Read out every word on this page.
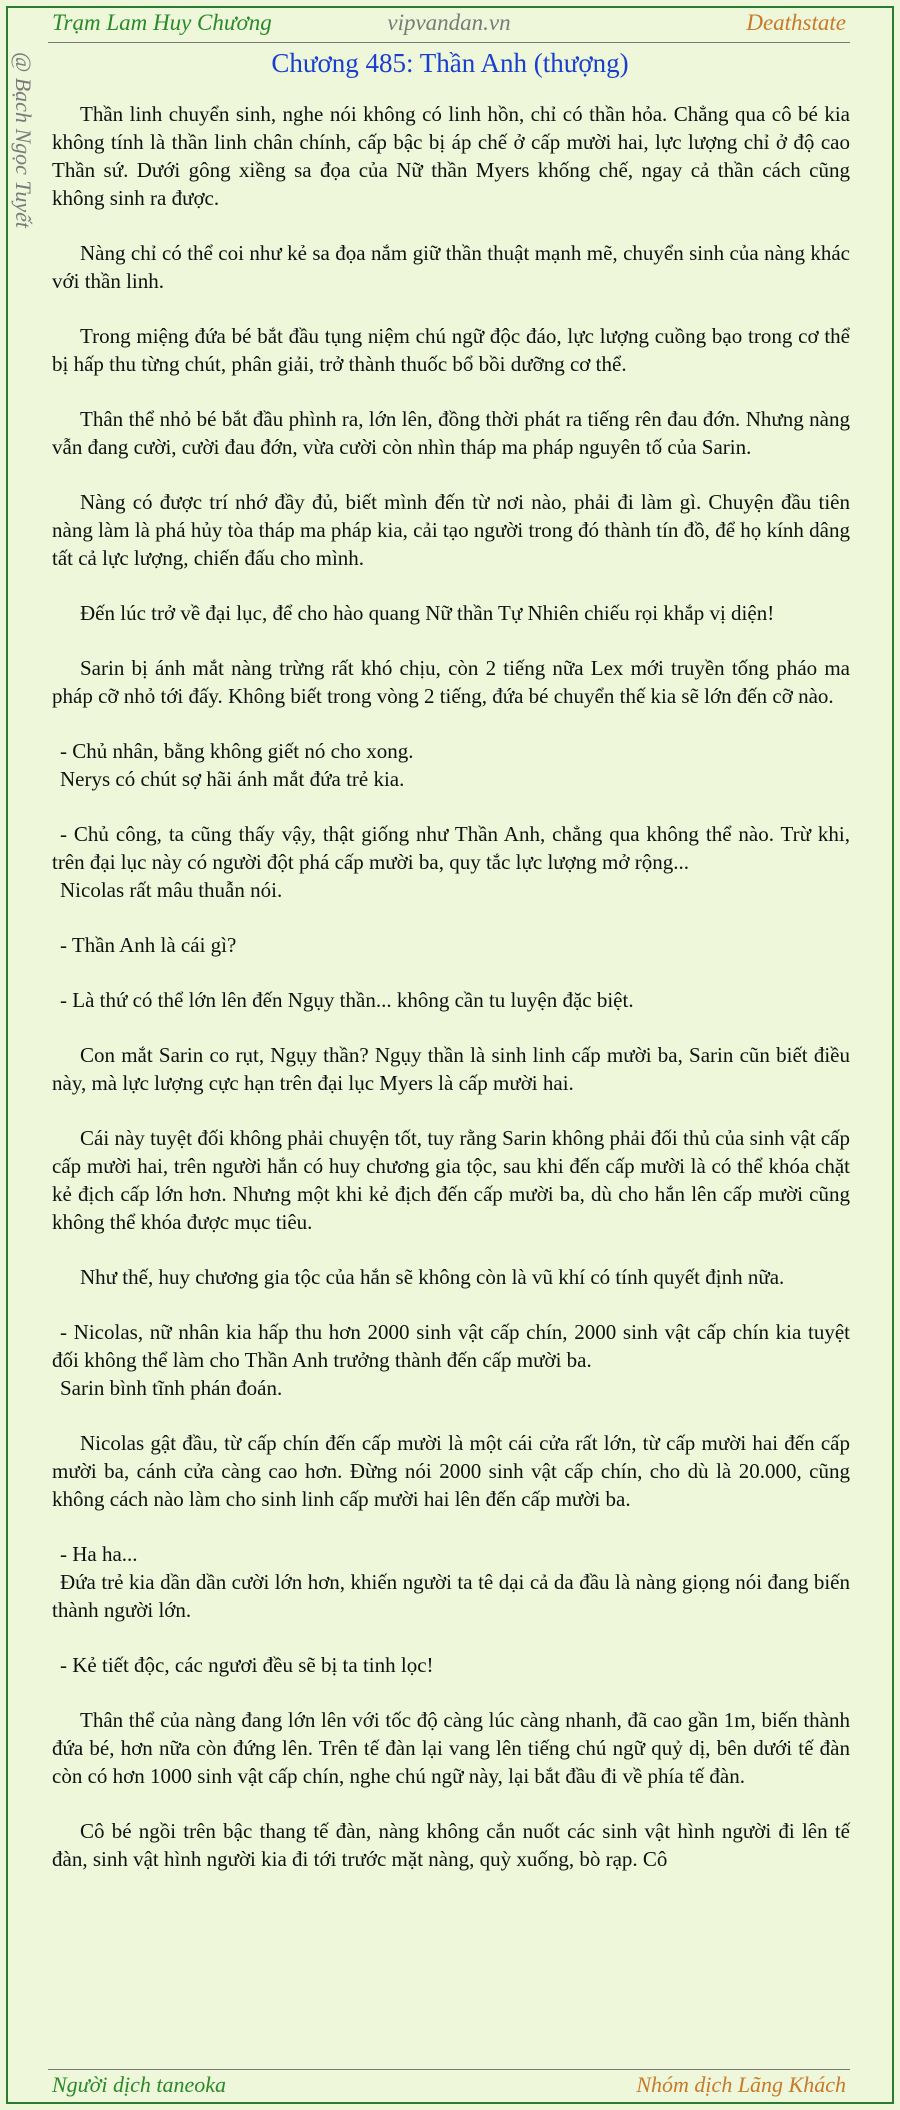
Trạm Lam Huy Chương	vipvandan.vn	Deathstate
@ Bạch Ngọc Tuyết	Chương 485: Thần Anh (thượng)

Thần linh chuyển sinh, nghe nói không có linh hồn, chỉ có thần hỏa. Chẳng qua cô bé kia không tính là thần linh chân chính, cấp bậc bị áp chế ở cấp mười hai, lực lượng chỉ ở độ cao Thần sứ. Dưới gông xiềng sa đọa của Nữ thần Myers khống chế, ngay cả thần cách cũng không sinh ra được.

Nàng chỉ có thể coi như kẻ sa đọa nắm giữ thần thuật mạnh mẽ, chuyển sinh của nàng khác với thần linh.

Trong miệng đứa bé bắt đầu tụng niệm chú ngữ độc đáo, lực lượng cuồng bạo trong cơ thể bị hấp thu từng chút, phân giải, trở thành thuốc bổ bồi dưỡng cơ thể.

Thân thể nhỏ bé bắt đầu phình ra, lớn lên, đồng thời phát ra tiếng rên đau đớn. Nhưng nàng vẫn đang cười, cười đau đớn, vừa cười còn nhìn tháp ma pháp nguyên tố của Sarin.

Nàng có được trí nhớ đầy đủ, biết mình đến từ nơi nào, phải đi làm gì. Chuyện đầu tiên nàng làm là phá hủy tòa tháp ma pháp kia, cải tạo người trong đó thành tín đồ, để họ kính dâng tất cả lực lượng, chiến đấu cho mình.

Đến lúc trở về đại lục, để cho hào quang Nữ thần Tự Nhiên chiếu rọi khắp vị diện!

Sarin bị ánh mắt nàng trừng rất khó chịu, còn 2 tiếng nữa Lex mới truyền tống pháo ma pháp cỡ nhỏ tới đấy. Không biết trong vòng 2 tiếng, đứa bé chuyển thế kia sẽ lớn đến cỡ nào.

- Chủ nhân, bằng không giết nó cho xong.
Nerys có chút sợ hãi ánh mắt đứa trẻ kia.

- Chủ công, ta cũng thấy vậy, thật giống như Thần Anh, chẳng qua không thể nào. Trừ khi, trên đại lục này có người đột phá cấp mười ba, quy tắc lực lượng mở rộng...
Nicolas rất mâu thuẫn nói.

- Thần Anh là cái gì?

- Là thứ có thể lớn lên đến Ngụy thần... không cần tu luyện đặc biệt.

Con mắt Sarin co rụt, Ngụy thần? Ngụy thần là sinh linh cấp mười ba, Sarin cũn biết điều này, mà lực lượng cực hạn trên đại lục Myers là cấp mười hai.

Cái này tuyệt đối không phải chuyện tốt, tuy rằng Sarin không phải đối thủ của sinh vật cấp cấp mười hai, trên người hắn có huy chương gia tộc, sau khi đến cấp mười là có thể khóa chặt kẻ địch cấp lớn hơn. Nhưng một khi kẻ địch đến cấp mười ba, dù cho hắn lên cấp mười cũng không thể khóa được mục tiêu.

Như thế, huy chương gia tộc của hắn sẽ không còn là vũ khí có tính quyết định nữa.

- Nicolas, nữ nhân kia hấp thu hơn 2000 sinh vật cấp chín, 2000 sinh vật cấp chín kia tuyệt đối không thể làm cho Thần Anh trưởng thành đến cấp mười ba.
Sarin bình tĩnh phán đoán.

Nicolas gật đầu, từ cấp chín đến cấp mười là một cái cửa rất lớn, từ cấp mười hai đến cấp mười ba, cánh cửa càng cao hơn. Đừng nói 2000 sinh vật cấp chín, cho dù là 20.000, cũng không cách nào làm cho sinh linh cấp mười hai lên đến cấp mười ba.

- Ha ha...
Đứa trẻ kia dần dần cười lớn hơn, khiến người ta tê dại cả da đầu là nàng giọng nói đang biến thành người lớn.

- Kẻ tiết độc, các ngươi đều sẽ bị ta tinh lọc!

Thân thể của nàng đang lớn lên với tốc độ càng lúc càng nhanh, đã cao gần 1m, biến thành đứa bé, hơn nữa còn đứng lên. Trên tế đàn lại vang lên tiếng chú ngữ quỷ dị, bên dưới tế đàn còn có hơn 1000 sinh vật cấp chín, nghe chú ngữ này, lại bắt đầu đi về phía tế đàn.

Cô bé ngồi trên bậc thang tế đàn, nàng không cắn nuốt các sinh vật hình người đi lên tế đàn, sinh vật hình người kia đi tới trước mặt nàng, quỳ xuống, bò rạp. Cô

Người dịch taneoka	Nhóm dịch Lãng Khách
